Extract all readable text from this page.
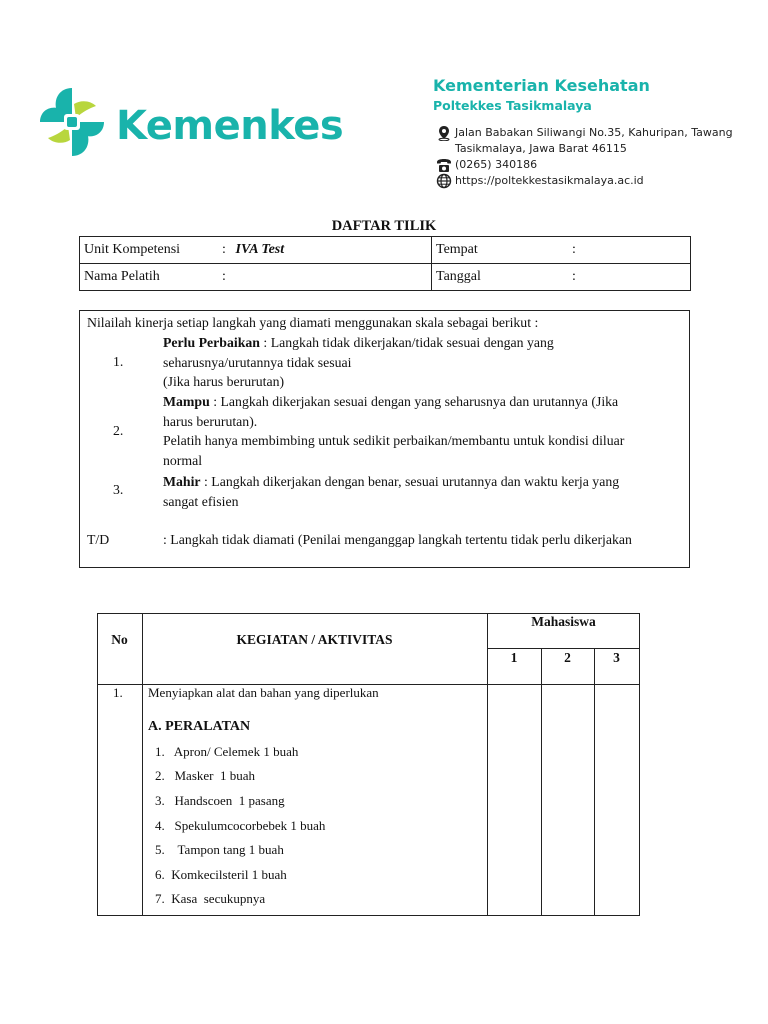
Kemenkes
Kementerian Kesehatan
Poltekkes Tasikmalaya
Jalan Babakan Siliwangi No.35, Kahuripan, Tawang
Tasikmalaya, Jawa Barat 46115
(0265) 340186
https://poltekkestasikmalaya.ac.id
DAFTAR TILIK
Unit Kompetensi : IVA Test	Tempat :
Nama Pelatih :	Tanggal :
Nilailah kinerja setiap langkah yang diamati menggunakan skala sebagai berikut :
1.
Perlu Perbaikan : Langkah tidak dikerjakan/tidak sesuai dengan yang
seharusnya/urutannya tidak sesuai
(Jika harus berurutan)
2.
Mampu : Langkah dikerjakan sesuai dengan yang seharusnya dan urutannya (Jika
harus berurutan).
Pelatih hanya membimbing untuk sedikit perbaikan/membantu untuk kondisi diluar
normal
3.
Mahir : Langkah dikerjakan dengan benar, sesuai urutannya dan waktu kerja yang
sangat efisien
T/D	: Langkah tidak diamati (Penilai menganggap langkah tertentu tidak perlu dikerjakan
No	KEGIATAN / AKTIVITAS
Mahasiswa
1	2	3
1. Menyiapkan alat dan bahan yang diperlukan
A. PERALATAN
1.   Apron/ Celemek 1 buah
2.   Masker  1 buah
3.   Handscoen  1 pasang
4.   Spekulumcocorbebek 1 buah
5.    Tampon tang 1 buah
6.  Komkecilsteril 1 buah
7.  Kasa  secukupnya
